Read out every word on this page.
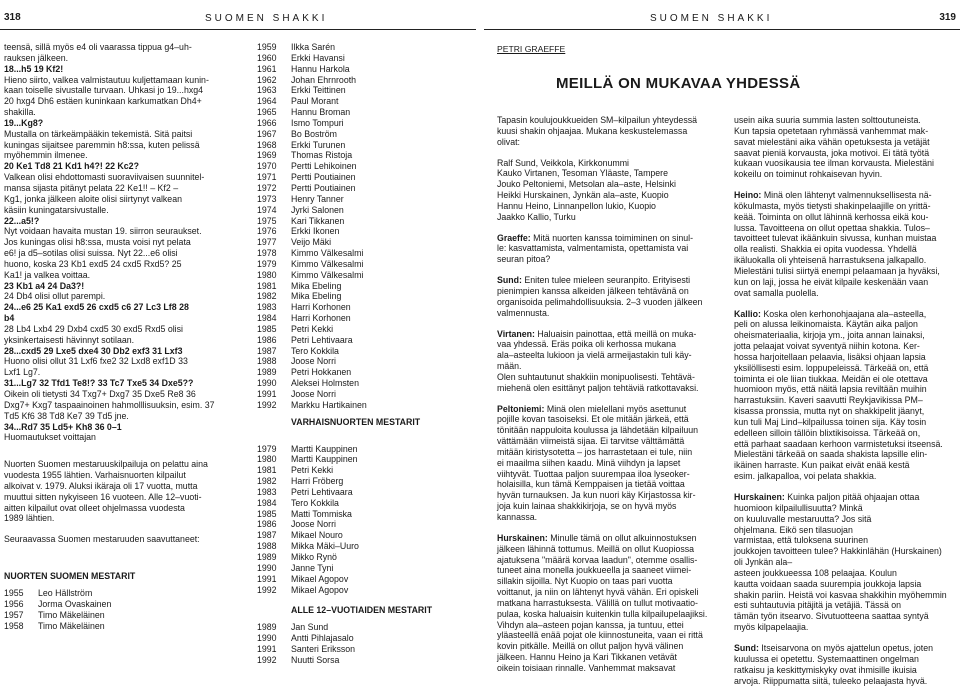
318	SUOMEN SHAKKI	SUOMEN SHAKKI	319

teensä, sillä myös e4 oli vaarassa tippua g4–uh-

rauksen jälkeen.

18...h5 19 Kf2!

Hieno siirto, valkea valmistautuu kuljettamaan kunin-

kaan toiselle sivustalle turvaan. Uhkasi jo 19...hxg4

20 hxg4 Dh6 estäen kuninkaan karkumatkan Dh4+

shakilla.

19...Kg8?

Mustalla on tärkeämpääkin tekemistä. Sitä paitsi

kuningas sijaitsee paremmin h8:ssa, kuten pelissä

myöhemmin ilmenee.

20 Ke1 Td8 21 Kd1 h4?! 22 Kc2?

Valkean olisi ehdottomasti suoraviivaisen suunnitel-

mansa sijasta pitänyt pelata 22 Ke1!! – Kf2 –

Kg1, jonka jälkeen aloite olisi siirtynyt valkean

käsiin kuningatarsivustalle.

22...a5!?

Nyt voidaan havaita mustan 19. siirron seuraukset.

Jos kuningas olisi h8:ssa, musta voisi nyt pelata

e6! ja d5–sotilas olisi suissa. Nyt 22...e6 olisi

huono, koska 23 Kb1 exd5 24 cxd5 Rxd5? 25

Ka1! ja valkea voittaa.

23 Kb1 a4 24 Da3?!

24 Db4 olisi ollut parempi.

24...e6 25 Ka1 exd5 26 cxd5 c6 27 Lc3 Lf8 28

b4

28 Lb4 Lxb4 29 Dxb4 cxd5 30 exd5 Rxd5 olisi

yksinkertaisesti hävinnyt sotilaan.

28...cxd5 29 Lxe5 dxe4 30 Db2 exf3 31 Lxf3

Huono olisi ollut 31 Lxf6 fxe2 32 Lxd8 exf1D 33

Lxf1 Lg7.

31...Lg7 32 Tfd1 Te8!? 33 Tc7 Txe5 34 Dxe5??

Oikein oli tietysti 34 Txg7+ Dxg7 35 Dxe5 Re8 36

Dxg7+ Kxg7 taspaainoinen hahmolllisuuksin, esim. 37

Td5 Kf6 38 Td8 Ke7 39 Td5 jne.

34...Rd7 35 Ld5+ Kh8 36 0–1

Huomautukset voittajan

Nuorten Suomen mestaruuskilpailuja on pelattu aina

vuodesta 1955 lähtien. Varhaisnuorten kilpailut

alkoivat v. 1979. Aluksi ikäraja oli 17 vuotta, mutta

muuttui sitten nykyiseen 16 vuoteen. Alle 12–vuoti-

aitten kilpailut ovat olleet ohjelmassa vuodesta

1989 lähtien.

Seuraavassa Suomen mestaruuden saavuttaneet:

NUORTEN SUOMEN MESTARIT
1955	Leo Hällström
1956	Jorma Ovaskainen
1957	Timo Mäkeläinen
1958	Timo Mäkeläinen
1959	Ilkka Sarén
1960	Erkki Havansi
1961	Hannu Harkola
1962	Johan Ehrnrooth
1963	Erkki Teittinen
1964	Paul Morant
1965	Hannu Broman
1966	Ismo Tompuri
1967	Bo Boström
1968	Erkki Turunen
1969	Thomas Ristoja
1970	Pertti Lehikoinen
1971	Pertti Poutiainen
1972	Pertti Poutiainen
1973	Henry Tanner
1974	Jyrki Salonen
1975	Kari Tikkanen
1976	Erkki Ikonen
1977	Veijo Mäki
1978	Kimmo Välkesalmi
1979	Kimmo Välkesalmi
1980	Kimmo Välkesalmi
1981	Mika Ebeling
1982	Mika Ebeling
1983	Harri Korhonen
1984	Harri Korhonen
1985	Petri Kekki
1986	Petri Lehtivaara
1987	Tero Kokkila
1988	Joose Norri
1989	Petri Hokkanen
1990	Aleksei Holmsten
1991	Joose Norri
1992	Markku Hartikainen
VARHAISNUORTEN MESTARIT
1979	Martti Kauppinen
1980	Martti Kauppinen
1981	Petri Kekki
1982	Harri Fröberg
1983	Petri Lehtivaara
1984	Tero Kokkila
1985	Matti Tommiska
1986	Joose Norri
1987	Mikael Nouro
1988	Mikka Mäki–Uuro
1989	Mikko Rynö
1990	Janne Tyni
1991	Mikael Agopov
1992	Mikael Agopov
ALLE 12–VUOTIAIDEN MESTARIT
1989	Jan Sund
1990	Antti Pihlajasalo
1991	Santeri Eriksson
1992	Nuutti Sorsa
PETRI GRAEFFE
MEILLÄ ON MUKAVAA YHDESSÄ

Tapasin koulujoukkueiden SM–kilpailun yhteydessä
kuusi shakin ohjaajaa. Mukana keskustelemassa
olivat:

Ralf Sund, Veikkola, Kirkkonummi
Kauko Virtanen, Tesoman Yläaste, Tampere
Jouko Peltoniemi, Metsolan ala–aste, Helsinki
Heikki Hurskainen, Jynkän ala–aste, Kuopio
Hannu Heino, Linnanpellon lukio, Kuopio
Jaakko Kallio, Turku

Graeffe: Mitä nuorten kanssa toimiminen on sinul-
le: kasvattamista, valmentamista, opettamista vai
seuran pitoa?

Sund: Eniten tulee mieleen seuranpito. Erityisesti
pienimpien kanssa alkeiden jälkeen tehtävänä on
organisoida pelimahdollisuuksia. 2–3 vuoden jälkeen
valmennusta.

Virtanen: Haluaisin painottaa, että meillä on muka-
vaa yhdessä. Eräs poika oli kerhossa mukana
ala–asteelta lukioon ja vielä armeijastakin tuli käy-
mään.
Olen suhtautunut shakkiin monipuolisesti. Tehtävä-
miehenä olen esittänyt paljon tehtäviä ratkottavaksi.

Peltoniemi: Minä olen mielellani myös asettunut
pojille kovan tasoiseksi. Et ole mitään järkeä, että
tönitään nappuloita koulussa ja lähdetään kilpailuun
vättämään viimeistä sijaa. Ei tarvitse välttämättä
mitään kiristysotetta – jos harrastetaan ei tule, niin
ei maailma siihen kaadu. Minä viihdyn ja lapset
viihtyvät. Tuottaa paljon suurempaa iloa lyseoker-
holaisilla, kun tämä Kemppaisen ja tietää voittaa
hyvän turnauksen. Ja kun nuori käy Kirjastossa kir-
joja kuin lainaa shakkikirjoja, se on hyvä myös
kannassa.

Hurskainen: Minulle tämä on ollut alkuinnostuksen
jälkeen lähinnä tottumus. Meillä on ollut Kuopiossa
ajatuksena "määrä korvaa laadun", otemme osallis-
tuneet aina monella joukkueella ja saaneet viimei-
sillakin sijoilla. Nyt Kuopio on taas pari vuotta
voittanut, ja niin on lähtenyt hyvä vähän. Eri opiskeli
matkana harrastuksesta. Välillä on tullut motivaatio-
pulaa, koska haluaisin kuitenkin tulla kilpailupelaajiksi.
Vihdyn ala–asteen pojan kanssa, ja tuntuu, ettei
yläasteellä enää pojat ole kiinnostuneita, vaan ei rittä
kovin pitkälle. Meillä on ollut paljon hyvä välinen
jälkeen. Hannu Heino ja Kari Tikkanen vetävät
oikein toisiaan rinnalle. Vanhemmat maksavat

usein aika suuria summia lasten solttoutuneista.
Kun tapsia opetetaan ryhmässä vanhemmat mak-
savat mielestäni aika vähän opetuksesta ja vetäjät
saavat pieniä korvausta, joka motivoi. Ei tätä työtä
kukaan vuosikausia tee ilman korvausta. Mielestäni
kokeilu on toiminut rohkaisevan hyvin.

Heino: Minä olen lähtenyt valmennuksellisesta nä-
kökulmasta, myös tietysti shakinpelaajille on yrittä-
keää. Toiminta on ollut lähinnä kerhossa eikä kou-
lussa. Tavoitteena on ollut opettaa shakkia. Tulos–
tavoitteet tulevat ikäänkuin sivussa, kunhan muistaa
olla realisti. Shakkia ei opita vuodessa. Yhdellä
ikäluokalla oli yhteisenä harrastuksena jalkapallo.
Mielestäni tulisi siirtyä enempi pelaamaan ja hyväksi,
kun on laji, jossa he eivät kilpaile keskenään vaan
ovat samalla puolella.

Kallio: Koska olen kerhonohjaajana ala–asteella,
peli on alussa leikinomaista. Käytän aika paljon
oheismateriaalia, kirjoja ym., joita annan lainaksi,
jotta pelaajat voivat syventyä niihin kotona. Ker-
hossa harjoitellaan pelaavia, lisäksi ohjaan lapsia
yksilöllisesti esim. loppupeleissä. Tärkeää on, että
toiminta ei ole liian tiukkaa. Meidän ei ole otettava
huomioon myös, että näitä lapsia reviltään muihin
harrastuksiin. Kaveri saavutti Reykjavikissa PM–
kisassa pronssia, mutta nyt on shakkipelit jäanyt,
kun tuli Maj Lind–kilpailussa toinen sija. Käy tosin
edelleen silloin tällöin blixtikisoissa. Tärkeää on,
että parhaat saadaan kerhoon varmistetuksi itseensä.
Mielestäni tärkeää on saada shakista lapsille elin-
ikäinen harraste. Kun paikat eivät enää kestä
esim. jalkapalloa, voi pelata shakkia.

Hurskainen: Kuinka paljon pitää ohjaajan ottaa
huomioon kilpailullisuutta? Minkä
on kuuluvalle mestaruutta? Jos sitä
ohjelmana. Eikö sen tilasuojan
varmistaa, että tuloksena suurinen
joukkojen tavoitteen tulee? Hakkinlähän (Hurskainen) oli Jynkän ala–
asteen joukkueessa 108 pelaajaa. Koulun
kautta voidaan saada suurempia joukkoja lapsia
shakin pariin. Heistä voi kasvaa shakkihin myöhemmin
esti suhtautuvia pitäjitä ja vetäjiä. Tässä on
tämän työn itsearvo. Sivutuotteena saattaa syntyä
myös kilpapelaajia.

Sund: Itseisarvona on myös ajattelun opetus, joten
kuulussa ei opetettu. Systemaattinen ongelman
ratkaisu ja keskittymiskyky ovat ihmisille ikuisia
arvoja. Riippumatta siitä, tuleeko pelaajasta hyvä.
